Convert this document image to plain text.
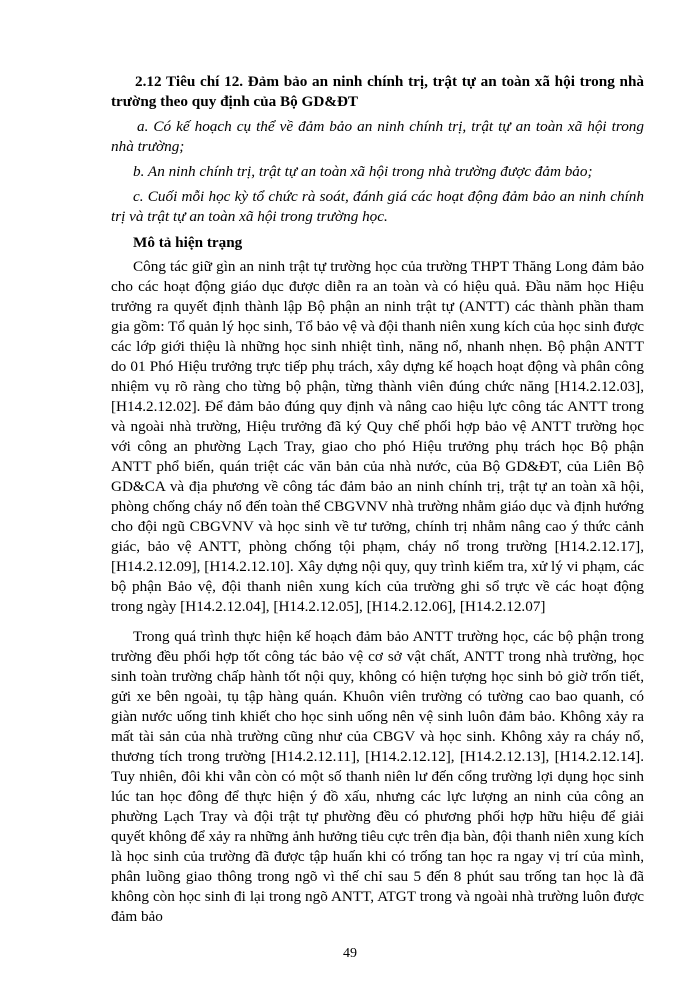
2.12 Tiêu chí 12. Đảm bảo an ninh chính trị, trật tự an toàn xã hội trong nhà trường theo quy định của Bộ GD&ĐT

a. Có kế hoạch cụ thể về đảm bảo an ninh chính trị, trật tự an toàn xã hội trong nhà trường;

b. An ninh chính trị, trật tự an toàn xã hội trong nhà trường được đảm bảo;

c. Cuối mỗi học kỳ tổ chức rà soát, đánh giá các hoạt động đảm bảo an ninh chính trị và trật tự an toàn xã hội trong trường học.

Mô tả hiện trạng

Công tác giữ gìn an ninh trật tự trường học của trường THPT Thăng Long đảm bảo cho các hoạt động giáo dục được diễn ra an toàn và có hiệu quả. Đầu năm học Hiệu trưởng ra quyết định thành lập Bộ phận an ninh trật tự (ANTT) các thành phần tham gia gồm: Tổ quản lý học sinh, Tổ bảo vệ và đội thanh niên xung kích của học sinh được các lớp giới thiệu là những học sinh nhiệt tình, năng nổ, nhanh nhẹn. Bộ phận ANTT do 01 Phó Hiệu trưởng trực tiếp phụ trách, xây dựng kế hoạch hoạt động và phân công nhiệm vụ rõ ràng cho từng bộ phận, từng thành viên đúng chức năng [H14.2.12.03], [H14.2.12.02]. Để đảm bảo đúng quy định và nâng cao hiệu lực công tác ANTT trong và ngoài nhà trường, Hiệu trưởng đã ký Quy chế phối hợp bảo vệ ANTT trường học với công an phường Lạch Tray, giao cho phó Hiệu trưởng phụ trách học Bộ phận ANTT phổ biến, quán triệt các văn bản của nhà nước, của Bộ GD&ĐT, của Liên Bộ GD&CA và địa phương về công tác đảm bảo an ninh chính trị, trật tự an toàn xã hội, phòng chống cháy nổ đến toàn thể CBGVNV nhà trường nhằm giáo dục và định hướng cho đội ngũ CBGVNV và học sinh về tư tưởng, chính trị nhằm nâng cao ý thức cảnh giác, bảo vệ ANTT, phòng chống tội phạm, cháy nổ trong trường [H14.2.12.17], [H14.2.12.09], [H14.2.12.10]. Xây dựng nội quy, quy trình kiểm tra, xử lý vi phạm, các bộ phận Bảo vệ, đội thanh niên xung kích của trường ghi sổ trực về các hoạt động trong ngày [H14.2.12.04], [H14.2.12.05], [H14.2.12.06], [H14.2.12.07]

Trong quá trình thực hiện kế hoạch đảm bảo ANTT trường học, các bộ phận trong trường đều phối hợp tốt công tác bảo vệ cơ sở vật chất, ANTT trong nhà trường, học sinh toàn trường chấp hành tốt nội quy, không có hiện tượng học sinh bỏ giờ trốn tiết, gửi xe bên ngoài, tụ tập hàng quán. Khuôn viên trường có tường cao bao quanh, có giàn nước uống tinh khiết cho học sinh uống nên vệ sinh luôn đảm bảo. Không xảy ra mất tài sản của nhà trường cũng như của CBGV và học sinh. Không xảy ra cháy nổ, thương tích trong trường [H14.2.12.11], [H14.2.12.12], [H14.2.12.13], [H14.2.12.14]. Tuy nhiên, đôi khi vẫn còn có một số thanh niên lư đến cổng trường lợi dụng học sinh lúc tan học đông để thực hiện ý đồ xấu, nhưng các lực lượng an ninh của công an phường Lạch Tray và đội trật tự phường đều có phương phối hợp hữu hiệu để giải quyết không để xảy ra những ảnh hưởng tiêu cực trên địa bàn, đội thanh niên xung kích là học sinh của trường đã được tập huấn khi có trống tan học ra ngay vị trí của mình, phân luồng giao thông trong ngõ vì thế chỉ sau 5 đến 8 phút sau trống tan học là đã không còn học sinh đi lại trong ngõ ANTT, ATGT trong và ngoài nhà trường luôn được đảm bảo

49
